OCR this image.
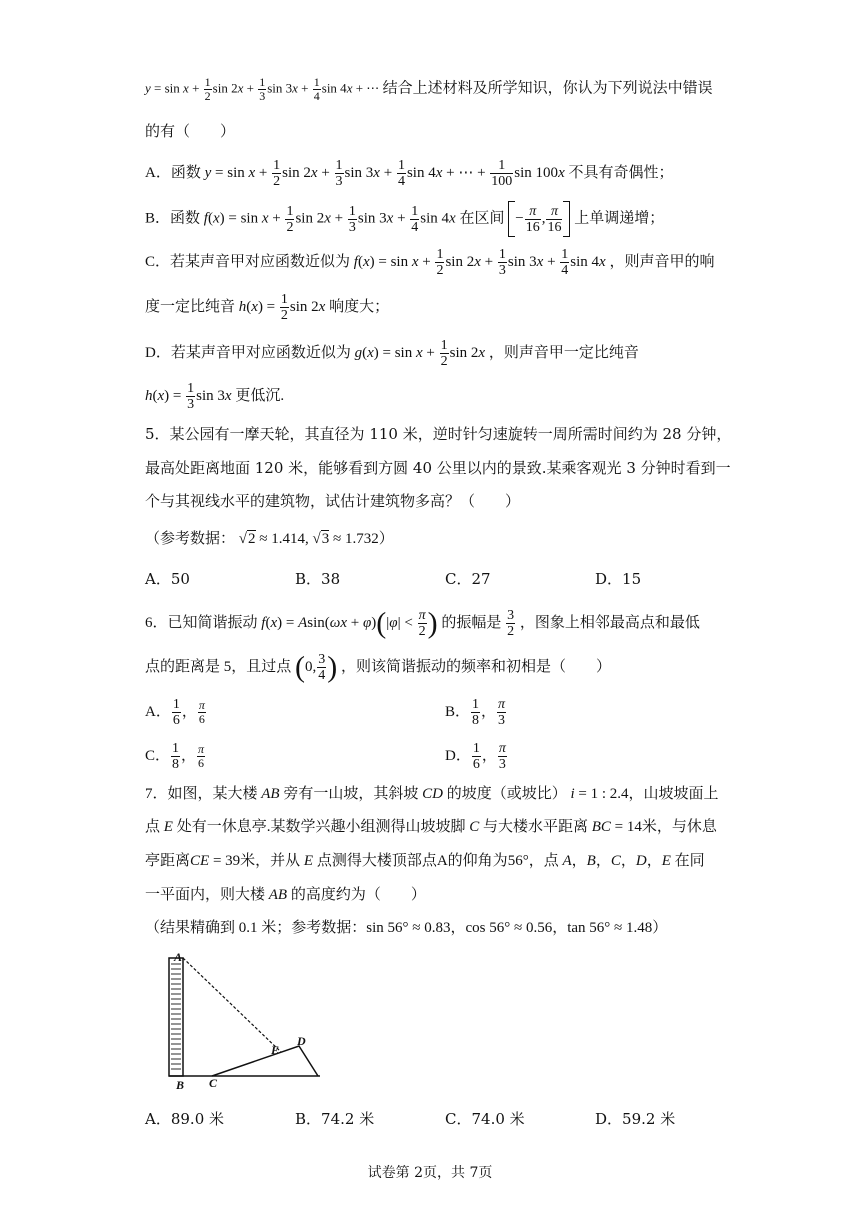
$y = \sin x + \frac{1}{2}$ $\sin 2x + \frac{1}{3}$ $\sin 3x + \frac{1}{4}$ sin 4x + ⋯ 结合上述材料及所学知识，你认为下列说法中错误
的有（　　）
A．函数 $y = \sin x + \frac{1}{2}$ $\sin 2x + \frac{1}{3}$ $\sin 3x + \frac{1}{4}$ sin 4x + ⋯ + $\frac{1}{100}$ sin 100x 不具有奇偶性；
B．函数 $f(x) = \sin x + \frac{1}{2}$ $\sin 2x + \frac{1}{3}$ $\sin 3x + \frac{1}{4}$ sin 4x 在区间 − $\frac{\pi}{16}$ , $\frac{\pi}{16}$ 上单调递增；
C．若某声音甲对应函数近似为 $f(x) = \sin x + \frac{1}{2}$ $\sin 2x + \frac{1}{3}$ $\sin 3x + \frac{1}{4}$ sin 4x ，则声音甲的响
度一定比纯音 $h(x) = \frac{1}{2}$ sin 2x 响度大；
D．若某声音甲对应函数近似为 $g(x) = \sin x + \frac{1}{2}$ sin 2x ，则声音甲一定比纯音
$h(x) = \frac{1}{3}$ sin 3x 更低沉.
5．某公园有一摩天轮，其直径为 110 米，逆时针匀速旋转一周所需时间约为 28 分钟，
最高处距离地面 120 米，能够看到方圆 40 公里以内的景致.某乘客观光 3 分钟时看到一
个与其视线水平的建筑物，试估计建筑物多高？（　　）
（参考数据： √2 ≈ 1.414, √3 ≈ 1.732）
A．50	B．38	C．27	D．15
6．已知简谐振动 $f(x) = Asin(\omega x + \varphi)(|\varphi| < \frac{\pi}{2}$ ) 的振幅是 $\frac{3}{2}$ ，图象上相邻最高点和最低
点的距离是 5，且过点 (0, $\frac{3}{4}$ ) ，则该简谐振动的频率和初相是（　　）
A． $\frac{1}{6}$ ， $\frac{\pi}{6}$	B． $\frac{1}{8}$ ， $\frac{\pi}{3}$
C． $\frac{1}{8}$ ， $\frac{\pi}{6}$	D． $\frac{1}{6}$ ， $\frac{\pi}{3}$
7．如图，某大楼 AB 旁有一山坡，其斜坡 CD 的坡度（或坡比） i = 1 : 2.4，山坡坡面上
点 E 处有一休息亭.某数学兴趣小组测得山坡坡脚 C 与大楼水平距离 BC = 14米，与休息
亭距离CE = 39米，并从 E 点测得大楼顶部点A的仰角为56°，点 A，B，C，D，E 在同
一平面内，则大楼 AB 的高度约为（　　）
（结果精确到 0.1 米；参考数据：sin 56° ≈ 0.83，cos 56° ≈ 0.56，tan 56° ≈ 1.48）
A
B C
D
E
A．89.0 米	B．74.2 米	C．74.0 米	D．59.2 米
试卷第 2页，共 7页
